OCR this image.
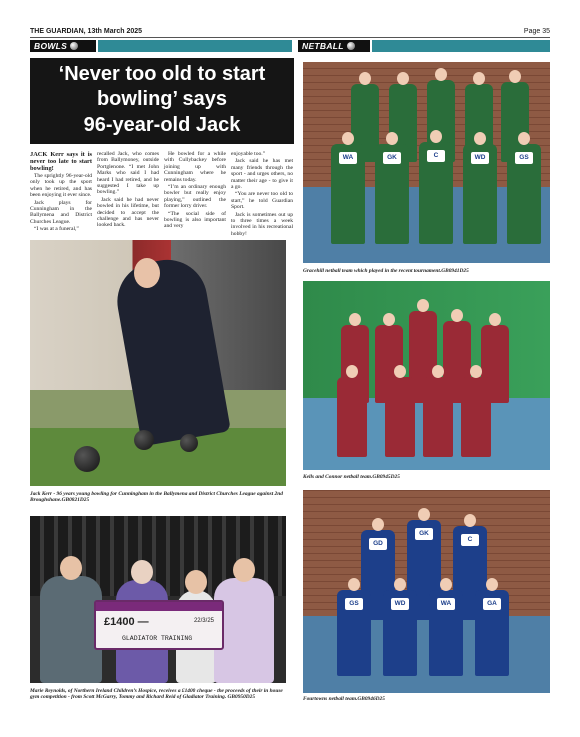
THE GUARDIAN, 13th March 2025	Page 35
BOWLS	NETBALL
‘Never too old to start
bowling’ says
96-year-old Jack

JACK Kerr says it is never too late to start bowling!

The sprightly 96-year-old only took up the sport when he retired, and has been enjoying it ever since.

Jack plays for Cunningham in the Ballymena and District Churches League.

“I was at a funeral,”

recalled Jack, who comes from Ballymoney, outside Portglenone. “I met John Marks who said I had heard I had retired, and he suggested I take up bowling.”

Jack said he had never bowled in his lifetime, but decided to accept the challenge and has never looked back.

He bowled for a while with Cullybackey before joining up with Cunningham where he remains today.

“I’m an ordinary enough bowler but really enjoy playing,” outlined the former lorry driver.

“The social side of bowling is also important and very

enjoyable too.”

Jack said he has met many friends through the sport - and urges others, no matter their age - to give it a go.

“You are never too old to start,” he told Guardian Sport.

Jack is sometimes out up to three times a week involved in his recreational hobby!

Jack Kerr - 96 years young bowling for Cunningham in the Ballymena and District Churches League against 2nd Broughshane.GB0821D25
£1400 —	22/3/25
GLADIATOR TRAINING
Marie Reynolds, of Northern Ireland Children’s Hospice, receives a £1400 cheque - the proceeds of their in house gym competition - from Scott McGarry, Tommy and Richard Reid of Gladiator Training. GB0950D25
WA	GK	C	WD	GS
Gracehill netball team which played in the recent tournament.GB0941D25
Kells and Connor netball team.GB0945D25
GD
GK
C
GS	WD	WA	GA
Fourtowns netball team.GB0946D25
